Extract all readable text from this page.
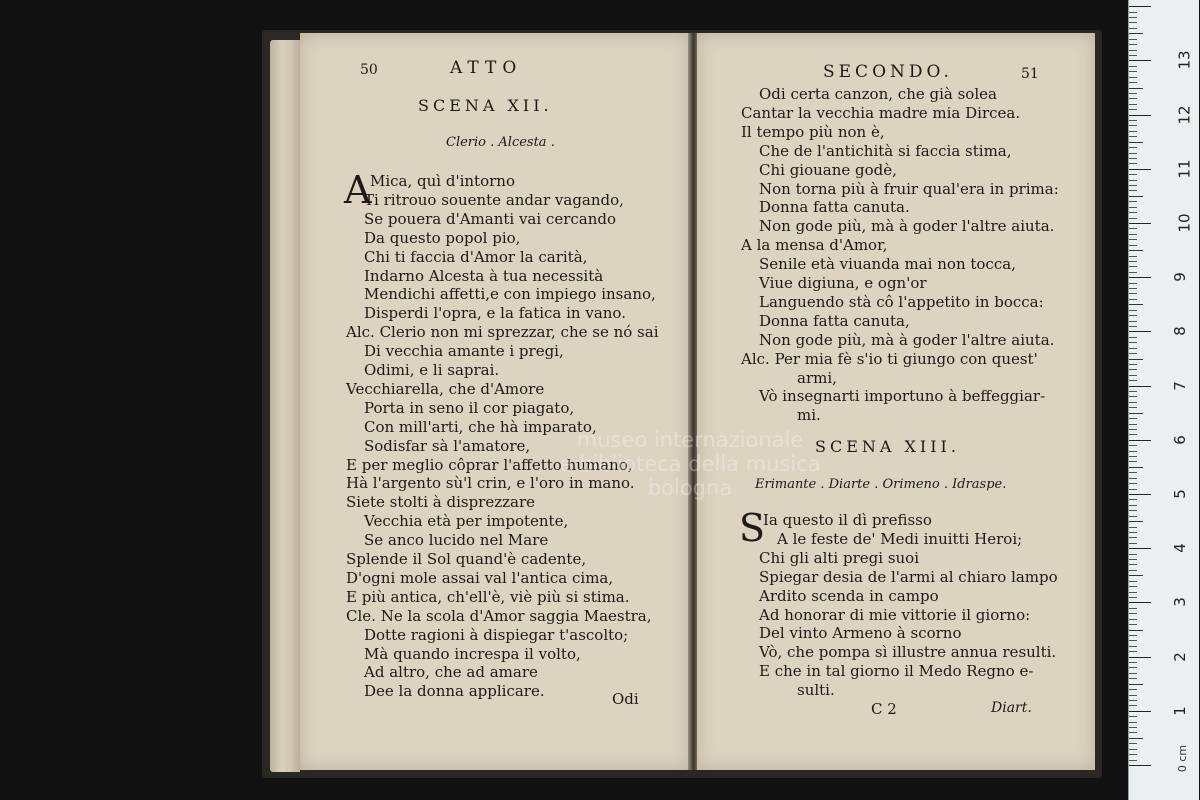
50	ATTO
SCENA XII.
Clerio . Alcesta .
A
Mica, quì d'intorno
Ti ritrouo souente andar vagando,
Se pouera d'Amanti vai cercando
Da questo popol pio,
Chi ti faccia d'Amor la carità,
Indarno Alcesta à tua necessità
Mendichi affetti,e con impiego insano,
Disperdi l'opra, e la fatica in vano.
Alc. Clerio non mi sprezzar, che se nó sai
Di vecchia amante i pregi,
Odimi, e li saprai.
Vecchiarella, che d'Amore
Porta in seno il cor piagato,
Con mill'arti, che hà imparato,
Sodisfar sà l'amatore,
E per meglio côprar l'affetto humano,
Hà l'argento sù'l crin, e l'oro in mano.
Siete stolti à disprezzare
Vecchia età per impotente,
Se anco lucido nel Mare
Splende il Sol quand'è cadente,
D'ogni mole assai val l'antica cima,
E più antica, ch'ell'è, viè più si stima.
Cle. Ne la scola d'Amor saggia Maestra,
Dotte ragioni à dispiegar t'ascolto;
Mà quando increspa il volto,
Ad altro, che ad amare
Dee la donna applicare.	Odi
SECONDO.	51
Odi certa canzon, che già solea
Cantar la vecchia madre mia Dircea.
Il tempo più non è,
Che de l'antichità si faccia stima,
Chi giouane godè,
Non torna più à fruir qual'era in prima:
Donna fatta canuta.
Non gode più, mà à goder l'altre aiuta.
A la mensa d'Amor,
Senile età viuanda mai non tocca,
Viue digiuna, e ogn'or
Languendo stà cô l'appetito in bocca:
Donna fatta canuta,
Non gode più, mà à goder l'altre aiuta.
Alc. Per mia fè s'io ti giungo con quest'
armi,
Vò insegnarti importuno à beffeggiar-
mi.
SCENA XIII.
Erimante . Diarte . Orimeno . Idraspe.
S
Ia questo il dì prefisso
A le feste de' Medi inuitti Heroi;
Chi gli alti pregi suoi
Spiegar desia de l'armi al chiaro lampo
Ardito scenda in campo
Ad honorar di mie vittorie il giorno:
Del vinto Armeno à scorno
Vò, che pompa sì illustre annua resulti.
E che in tal giorno il Medo Regno e-
sulti.
C 2	Diart.
museo internazionale
e biblioteca della musica
bologna
0 cm
1
2
3
4
5
6
7
8
9
10
11
12
13
